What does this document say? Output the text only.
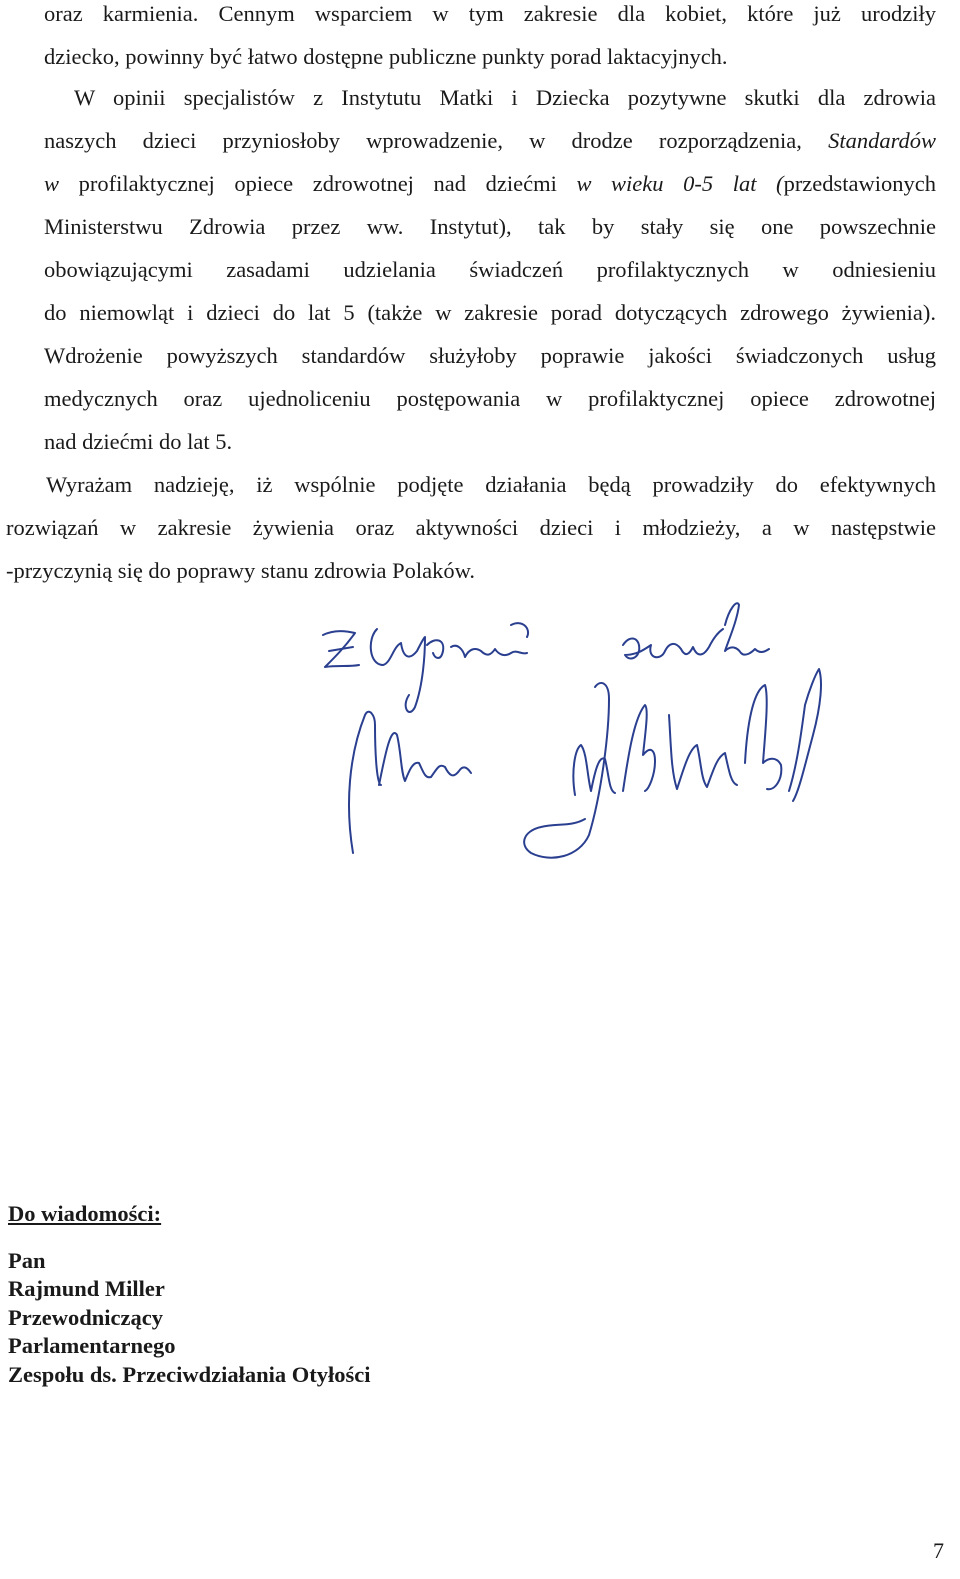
oraz karmienia. Cennym wsparciem w tym zakresie dla kobiet, które już urodziły
dziecko, powinny być łatwo dostępne publiczne punkty porad laktacyjnych.
W opinii specjalistów z Instytutu Matki i Dziecka pozytywne skutki dla zdrowia
naszych dzieci przyniosłoby wprowadzenie, w drodze rozporządzenia, Standardów
w profilaktycznej opiece zdrowotnej nad dziećmi w wieku 0-5 lat (przedstawionych
Ministerstwu Zdrowia przez ww. Instytut), tak by stały się one powszechnie
obowiązującymi zasadami udzielania świadczeń profilaktycznych w odniesieniu
do niemowląt i dzieci do lat 5 (także w zakresie porad dotyczących zdrowego żywienia).
Wdrożenie powyższych standardów służyłoby poprawie jakości świadczonych usług
medycznych oraz ujednoliceniu postępowania w profilaktycznej opiece zdrowotnej
nad dziećmi do lat 5.
Wyrażam nadzieję, iż wspólnie podjęte działania będą prowadziły do efektywnych
rozwiązań w zakresie żywienia oraz aktywności dzieci i młodzieży, a w następstwie
-przyczynią się do poprawy stanu zdrowia Polaków.
Do wiadomości:
Pan
Rajmund Miller
Przewodniczący
Parlamentarnego
Zespołu ds. Przeciwdziałania Otyłości
7
